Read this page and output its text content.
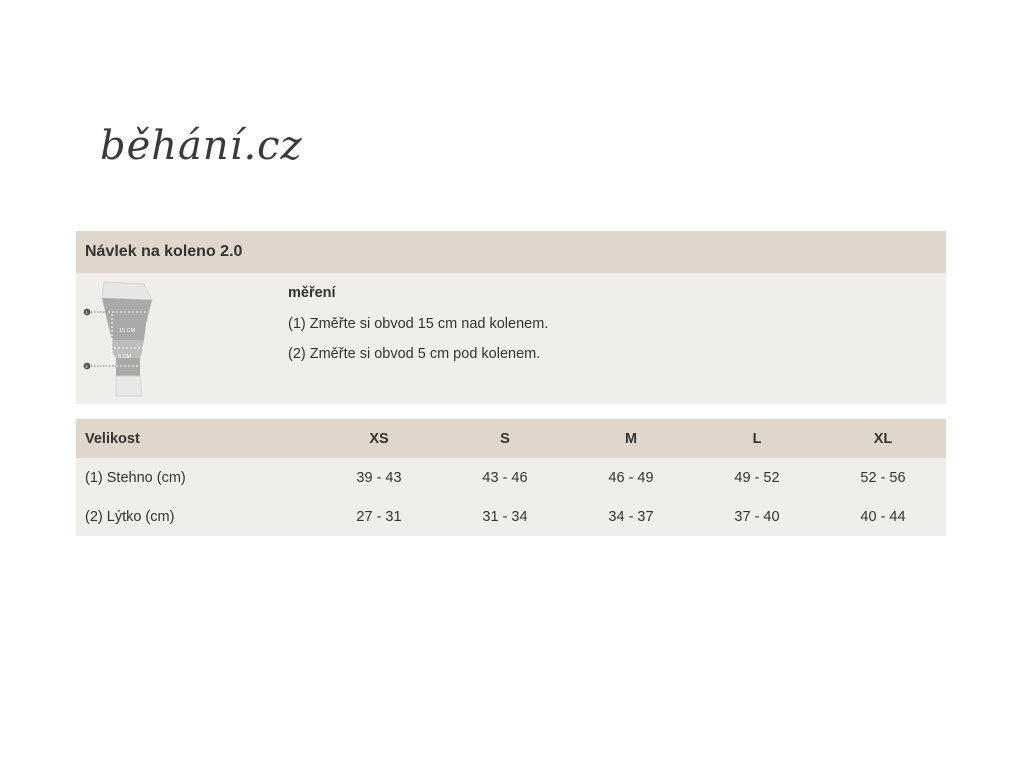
běhání.cz
Návlek na koleno 2.0
15 CM
5 CM
1
2
měření
(1) Změřte si obvod 15 cm nad kolenem.
(2) Změřte si obvod 5 cm pod kolenem.
Velikost	XS	S	M	L	XL
(1) Stehno (cm)	39 - 43	43 - 46	46 - 49	49 - 52	52 - 56
(2) Lýtko (cm)	27 - 31	31 - 34	34 - 37	37 - 40	40 - 44
